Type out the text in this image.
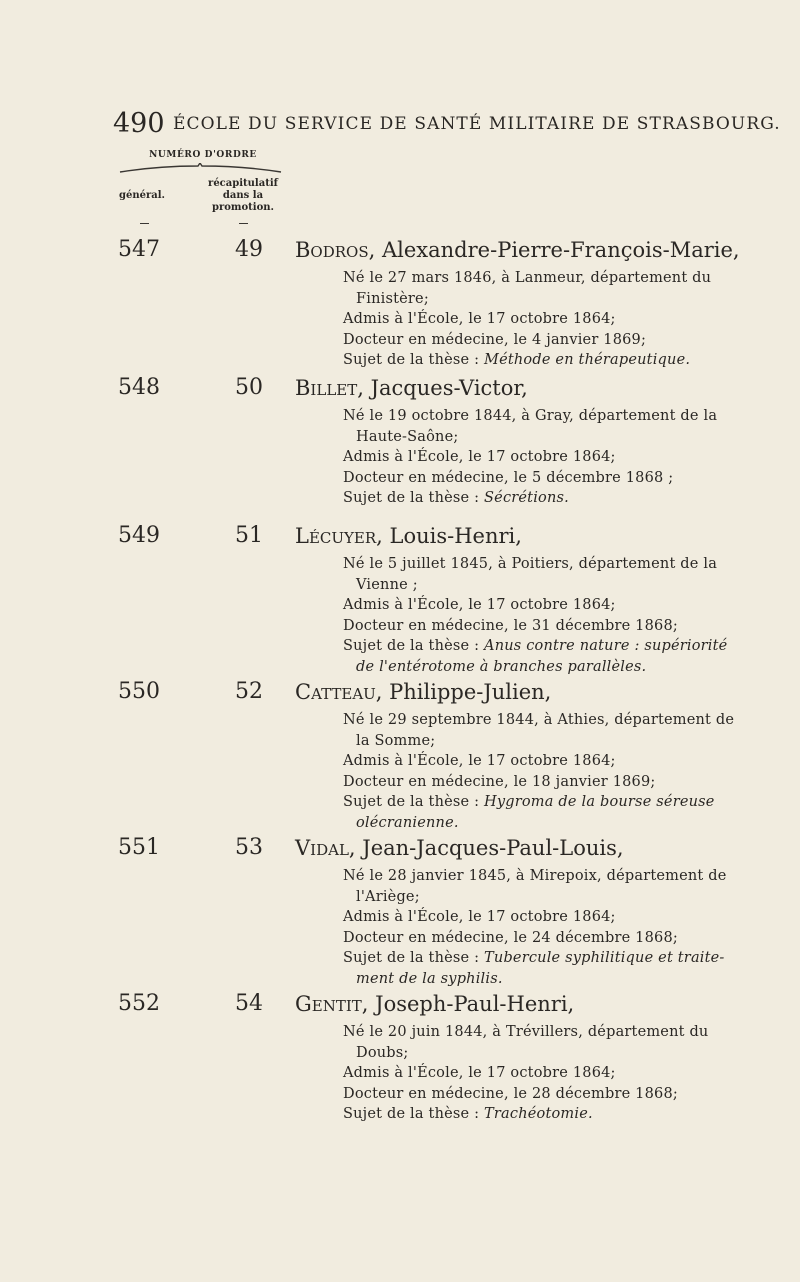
490 ÉCOLE DU SERVICE DE SANTÉ MILITAIRE DE STRASBOURG.
NUMÉRO D'ORDRE
général.
récapitulatif
dans la
promotion.
547	49 Bodros, Alexandre-Pierre-François-Marie,
Né le 27 mars 1846, à Lanmeur, département du
Finistère;
Admis à l'École, le 17 octobre 1864;
Docteur en médecine, le 4 janvier 1869;
Sujet de la thèse : Méthode en thérapeutique.
548	50 Billet, Jacques-Victor,
Né le 19 octobre 1844, à Gray, département de la
Haute-Saône;
Admis à l'École, le 17 octobre 1864;
Docteur en médecine, le 5 décembre 1868 ;
Sujet de la thèse : Sécrétions.
549	51 Lécuyer, Louis-Henri,
Né le 5 juillet 1845, à Poitiers, département de la
Vienne ;
Admis à l'École, le 17 octobre 1864;
Docteur en médecine, le 31 décembre 1868;
Sujet de la thèse : Anus contre nature : supériorité
de l'entérotome à branches parallèles.
550	52 Catteau, Philippe-Julien,
Né le 29 septembre 1844, à Athies, département de
la Somme;
Admis à l'École, le 17 octobre 1864;
Docteur en médecine, le 18 janvier 1869;
Sujet de la thèse : Hygroma de la bourse séreuse
olécranienne.
551	53 Vidal, Jean-Jacques-Paul-Louis,
Né le 28 janvier 1845, à Mirepoix, département de
l'Ariège;
Admis à l'École, le 17 octobre 1864;
Docteur en médecine, le 24 décembre 1868;
Sujet de la thèse : Tubercule syphilitique et traite-
ment de la syphilis.
552	54 Gentit, Joseph-Paul-Henri,
Né le 20 juin 1844, à Trévillers, département du
Doubs;
Admis à l'École, le 17 octobre 1864;
Docteur en médecine, le 28 décembre 1868;
Sujet de la thèse : Trachéotomie.
